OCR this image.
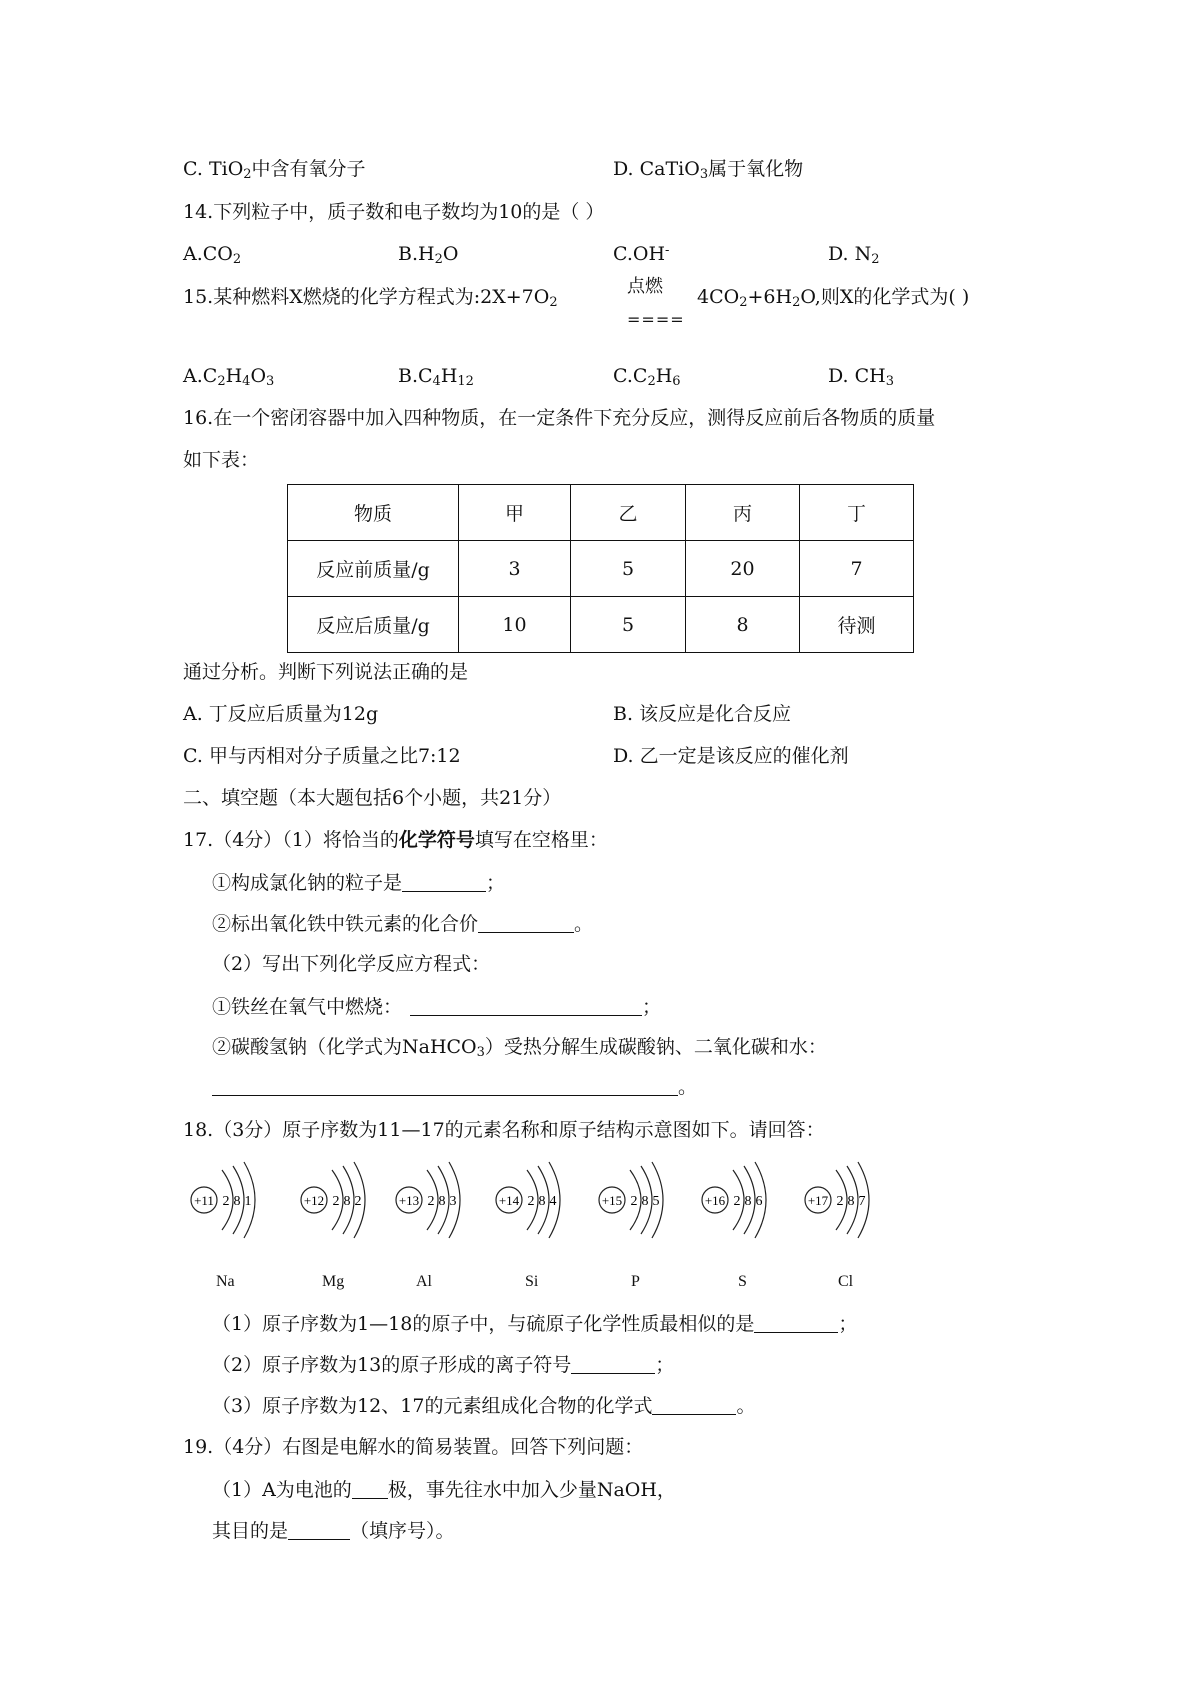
C. TiO$_2$中含有氧分子	D. CaTiO$_3$属于氧化物
14.下列粒子中，质子数和电子数均为10的是（ ）
$A.CO_2$	$B.H_2O$	C.OH-	D. $N_2$
15.某种燃料X燃烧的化学方程式为$:2X+7O_2$
点燃
====
$4CO_2+6H_2O$,则X的化学式为( )
$A.C_2H_4O_3$	$B.C_4H_{12}$	$C.C_2H_6$	D. $CH_3$
16.在一个密闭容器中加入四种物质，在一定条件下充分反应，测得反应前后各物质的质量
如下表：
物质	甲	乙	丙	丁
反应前质量/g	3	5	20	7
反应后质量/g	10	5	8	待测
通过分析。判断下列说法正确的是
A. 丁反应后质量为12g	B. 该反应是化合反应
C. 甲与丙相对分子质量之比7:12	D. 乙一定是该反应的催化剂
二、填空题（本大题包括6个小题，共21分）
17.（4分）（1）将恰当的化学符号填写在空格里：
①构成氯化钠的粒子是	；
②标出氧化铁中铁元素的化合价	。
（2）写出下列化学反应方程式：
①铁丝在氧气中燃烧：	；
②碳酸氢钠（化学式为NaHCO$_3$）受热分解生成碳酸钠、二氧化碳和水：
。
18.（3分）原子序数为11—17的元素名称和原子结构示意图如下。请回答：
+11 2 8 1
Na
+12 2 8 2
Mg
+13 2 8 3
Al
+14 2 8 4
Si
+15 2 8 5
P
+16 2 8 6
S
+17 2 8 7
Cl
（1）原子序数为1—18的原子中，与硫原子化学性质最相似的是	；
（2）原子序数为13的原子形成的离子符号	；
（3）原子序数为12、17的元素组成化合物的化学式	。
19.（4分）右图是电解水的简易装置。回答下列问题：
（1）A为电池的 极，事先往水中加入少量NaOH，
其目的是	（填序号）。
